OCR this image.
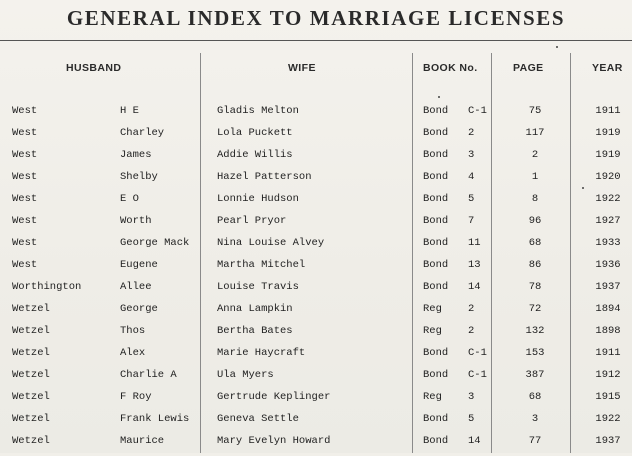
GENERAL INDEX TO MARRIAGE LICENSES
HUSBAND	WIFE	BOOK No.	PAGE	YEAR
West	H E	Gladis Melton	Bond C-1	75	1911
West	Charley	Lola Puckett	Bond 2	117	1919
West	James	Addie Willis	Bond 3	2	1919
West	Shelby	Hazel Patterson	Bond 4	1	1920
West	E O	Lonnie Hudson	Bond 5	8	1922
West	Worth	Pearl Pryor	Bond 7	96	1927
West	George Mack	Nina Louise Alvey	Bond 11	68	1933
West	Eugene	Martha Mitchel	Bond 13	86	1936
Worthington	Allee	Louise Travis	Bond 14	78	1937
Wetzel	George	Anna Lampkin	Reg 2	72	1894
Wetzel	Thos	Bertha Bates	Reg 2	132	1898
Wetzel	Alex	Marie Haycraft	Bond C-1	153	1911
Wetzel	Charlie A	Ula Myers	Bond C-1	387	1912
Wetzel	F Roy	Gertrude Keplinger	Reg 3	68	1915
Wetzel	Frank Lewis	Geneva Settle	Bond 5	3	1922
Wetzel	Maurice	Mary Evelyn Howard	Bond 14	77	1937
